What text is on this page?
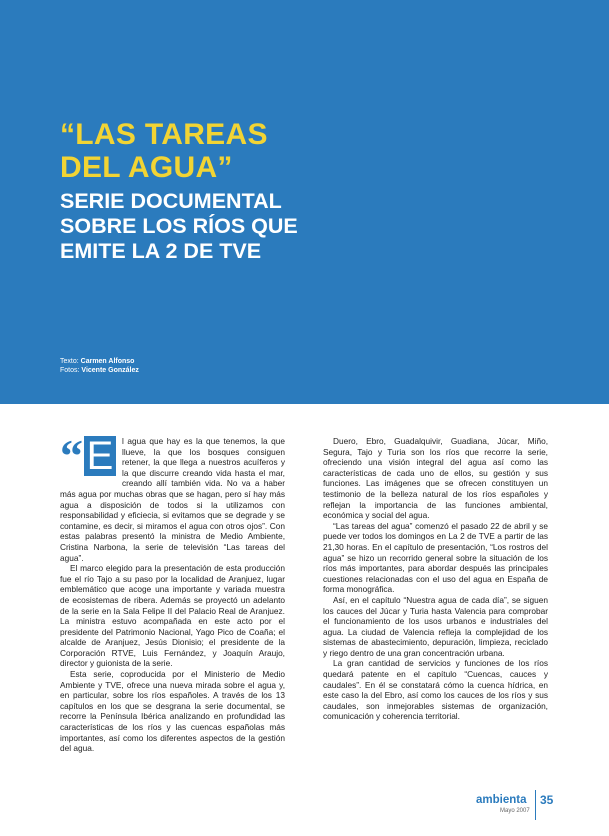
“LAS TAREAS
DEL AGUA”
SERIE DOCUMENTAL
SOBRE LOS RÍOS QUE
EMITE LA 2 DE TVE
Texto: Carmen Alfonso
Fotos: Vicente González
“ E	l agua que hay es la que tenemos, la que llueve, la que los bosques consiguen retener, la que llega a nuestros acuíferos y la que discurre creando vida hasta el mar, creando allí también vida. No va a haber más agua por muchas obras que se hagan, pero sí hay más agua a disposición de todos si la utilizamos con responsabilidad y eficiecia, si evitamos que se degrade y se contamine, es decir, si miramos el agua con otros ojos”. Con estas palabras presentó la ministra de Medio Ambiente, Cristina Narbona, la serie de televisión “Las tareas del agua”.

El marco elegido para la presentación de esta producción fue el río Tajo a su paso por la localidad de Aranjuez, lugar emblemático que acoge una importante y variada muestra de ecosistemas de ribera. Además se proyectó un adelanto de la serie en la Sala Felipe II del Palacio Real de Aranjuez. La ministra estuvo acompañada en este acto por el presidente del Patrimonio Nacional, Yago Pico de Coaña; el alcalde de Aranjuez, Jesús Dionisio; el presidente de la Corporación RTVE, Luis Fernández, y Joaquín Araujo, director y guionista de la serie.

Esta serie, coproducida por el Ministerio de Medio Ambiente y TVE, ofrece una nueva mirada sobre el agua y, en particular, sobre los ríos españoles. A través de los 13 capítulos en los que se desgrana la serie documental, se recorre la Península Ibérica analizando en profundidad las características de los ríos y las cuencas españolas más importantes, así como los diferentes aspectos de la gestión del agua.

Duero, Ebro, Guadalquivir, Guadiana, Júcar, Miño, Segura, Tajo y Turia son los ríos que recorre la serie, ofreciendo una visión integral del agua así como las características de cada uno de ellos, su gestión y sus funciones. Las imágenes que se ofrecen constituyen un testimonio de la belleza natural de los ríos españoles y reflejan la importancia de las funciones ambiental, económica y social del agua.

“Las tareas del agua” comenzó el pasado 22 de abril y se puede ver todos los domingos en La 2 de TVE a partir de las 21,30 horas. En el capítulo de presentación, “Los rostros del agua” se hizo un recorrido general sobre la situación de los ríos más importantes, para abordar después las principales cuestiones relacionadas con el uso del agua en España de forma monográfica.

Así, en el capítulo “Nuestra agua de cada día”, se siguen los cauces del Júcar y Turia hasta Valencia para comprobar el funcionamiento de los usos urbanos e industriales del agua. La ciudad de Valencia refleja la complejidad de los sistemas de abastecimiento, depuración, limpieza, reciclado y riego dentro de una gran concentración urbana.

La gran cantidad de servicios y funciones de los ríos quedará patente en el capítulo “Cuencas, cauces y caudales”. En él se constatará cómo la cuenca hídrica, en este caso la del Ebro, así como los cauces de los ríos y sus caudales, son inmejorables sistemas de organización, comunicación y coherencia territorial.

ambienta 35
Mayo 2007
